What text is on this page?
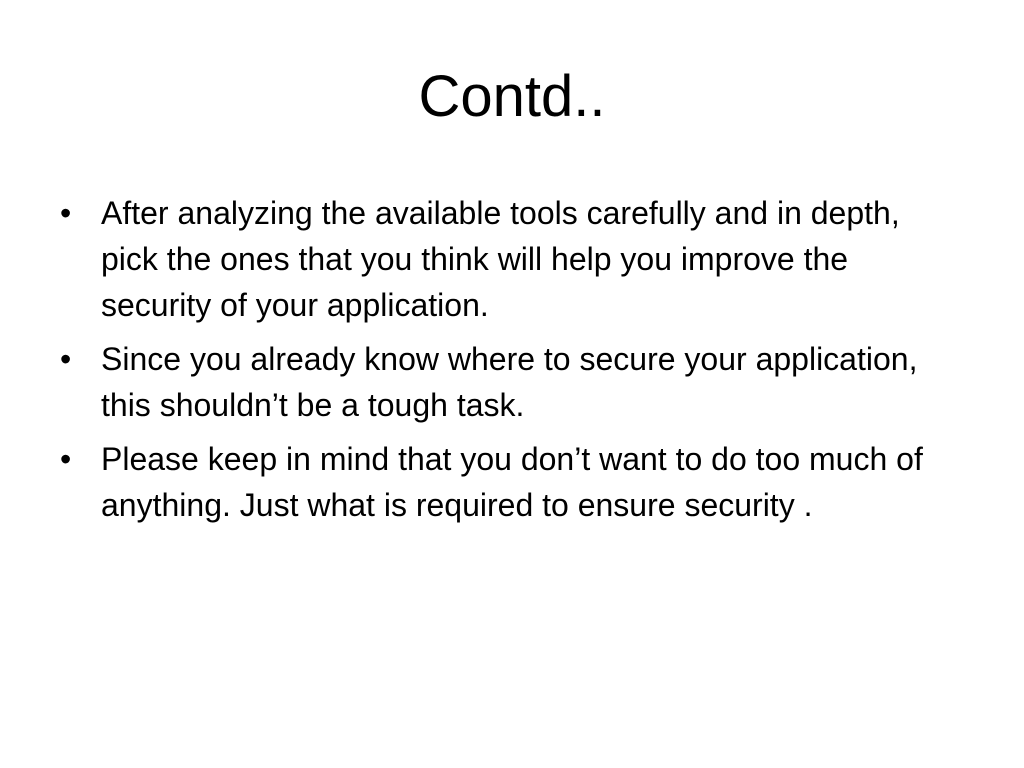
Contd..
• After analyzing the available tools carefully and in depth, pick the ones that you think will help you improve the security of your application.
• Since you already know where to secure your application, this shouldn’t be a tough task.
• Please keep in mind that you don’t want to do too much of anything. Just what is required to ensure security .
